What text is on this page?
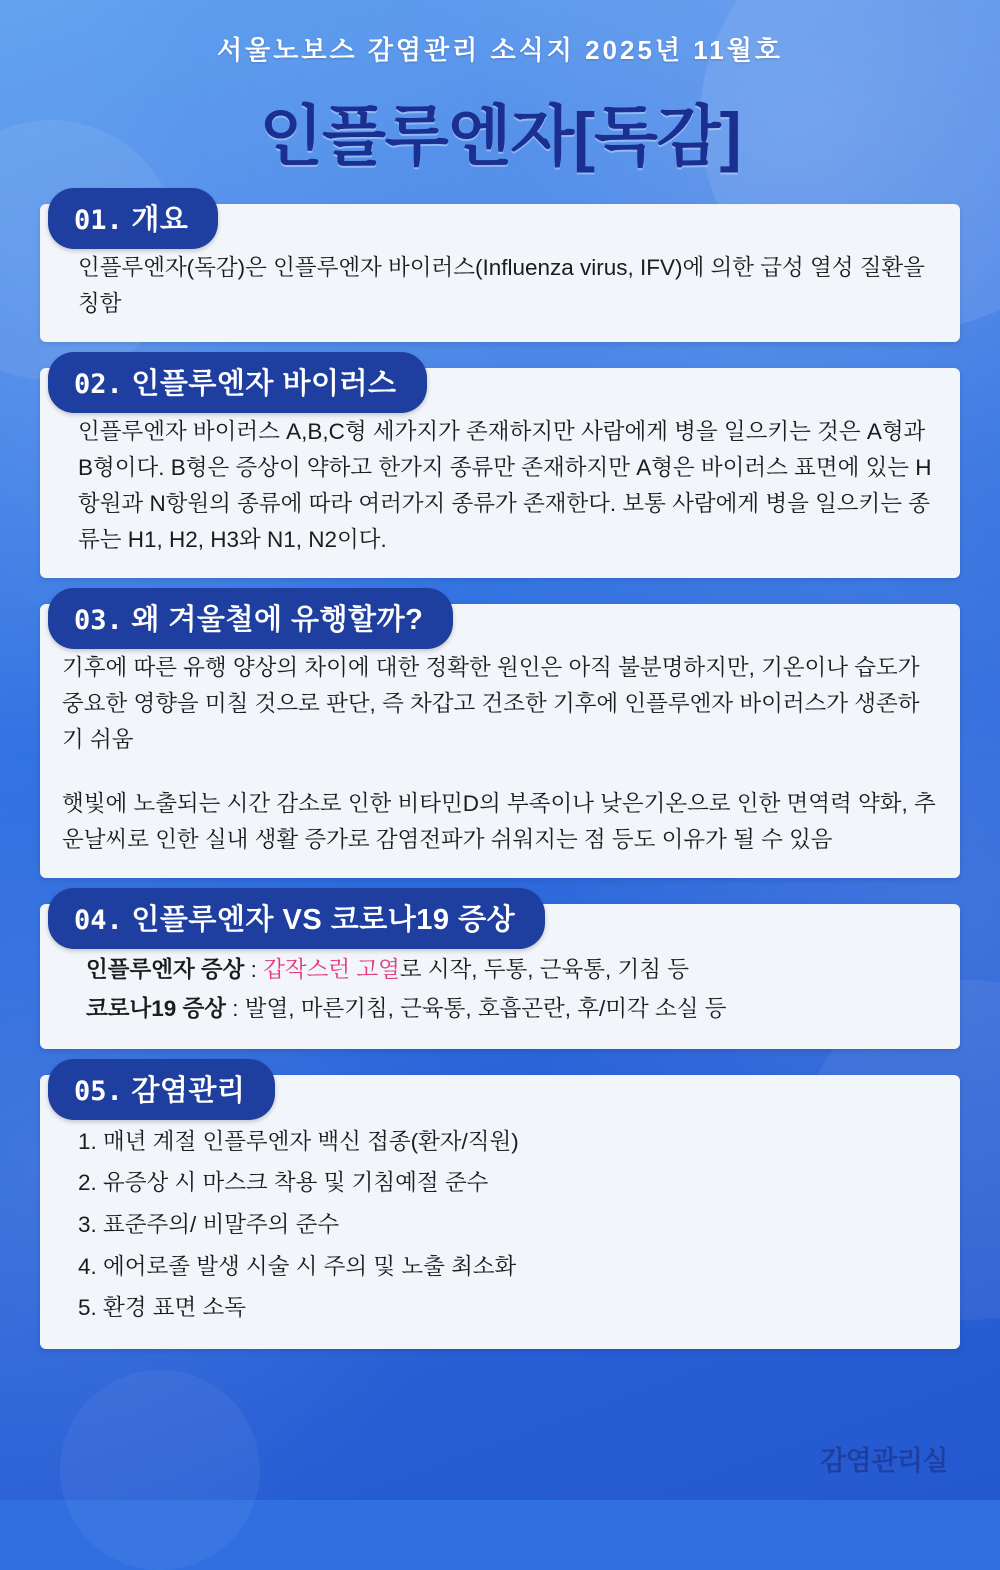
서울노보스 감염관리 소식지 2025년 11월호
인플루엔자[독감]

인플루엔자(독감)은 인플루엔자 바이러스(Influenza virus, IFV)에 의한 급성 열성 질환을 칭함

01. 개요

인플루엔자 바이러스 A,B,C형 세가지가 존재하지만 사람에게 병을 일으키는 것은 A형과 B형이다. B형은 증상이 약하고 한가지 종류만 존재하지만 A형은 바이러스 표면에 있는 H항원과 N항원의 종류에 따라 여러가지 종류가 존재한다. 보통 사람에게 병을 일으키는 종류는 H1, H2, H3와 N1, N2이다.

02. 인플루엔자 바이러스

기후에 따른 유행 양상의 차이에 대한 정확한 원인은 아직 불분명하지만, 기온이나 습도가 중요한 영향을 미칠 것으로 판단, 즉 차갑고 건조한 기후에 인플루엔자 바이러스가 생존하기 쉬움

햇빛에 노출되는 시간 감소로 인한 비타민D의 부족이나 낮은기온으로 인한 면역력 약화, 추운날씨로 인한 실내 생활 증가로 감염전파가 쉬워지는 점 등도 이유가 될 수 있음

03. 왜 겨울철에 유행할까?
인플루엔자 증상 : 갑작스런 고열로 시작, 두통, 근육통, 기침 등
코로나19 증상 : 발열, 마른기침, 근육통, 호흡곤란, 후/미각 소실 등
04. 인플루엔자 VS 코로나19 증상
1. 매년 계절 인플루엔자 백신 접종(환자/직원)
2. 유증상 시 마스크 착용 및 기침예절 준수
3. 표준주의/ 비말주의 준수
4. 에어로졸 발생 시술 시 주의 및 노출 최소화
5. 환경 표면 소독
05. 감염관리
감염관리실
